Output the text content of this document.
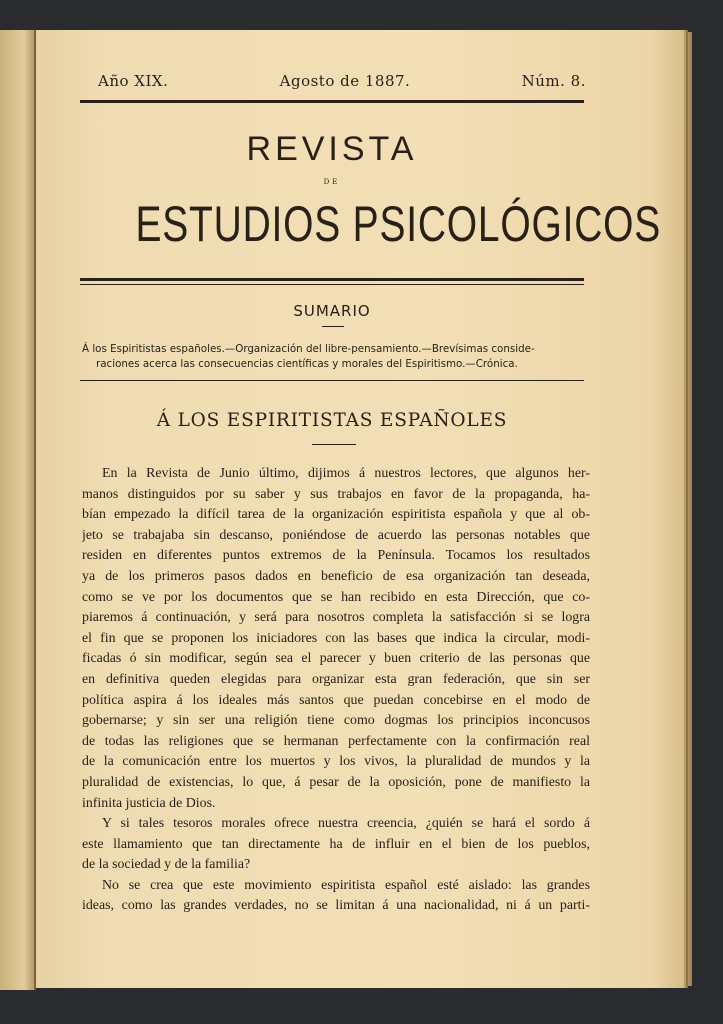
Año XIX.	Agosto de 1887.	Núm. 8.
REVISTA
DE
ESTUDIOS PSICOLÓGICOS
SUMARIO
Á los Espiritistas españoles.—Organización del libre-pensamiento.—Brevísimas conside-
raciones acerca las consecuencias científicas y morales del Espiritismo.—Crónica.
Á LOS ESPIRITISTAS ESPAÑOLES
En la Revista de Junio último, dijimos á nuestros lectores, que algunos her-
manos distinguidos por su saber y sus trabajos en favor de la propaganda, ha-
bían empezado la difícil tarea de la organización espiritista española y que al ob-
jeto se trabajaba sin descanso, poniéndose de acuerdo las personas notables que
residen en diferentes puntos extremos de la Península. Tocamos los resultados
ya de los primeros pasos dados en beneficio de esa organización tan deseada,
como se ve por los documentos que se han recibido en esta Dirección, que co-
piaremos á continuación, y será para nosotros completa la satisfacción si se logra
el fin que se proponen los iniciadores con las bases que indica la circular, modi-
ficadas ó sin modificar, según sea el parecer y buen criterio de las personas que
en definitiva queden elegidas para organizar esta gran federación, que sin ser
política aspira á los ideales más santos que puedan concebirse en el modo de
gobernarse; y sin ser una religión tiene como dogmas los principios inconcusos
de todas las religiones que se hermanan perfectamente con la confirmación real
de la comunicación entre los muertos y los vivos, la pluralidad de mundos y la
pluralidad de existencias, lo que, á pesar de la oposición, pone de manifiesto la
infinita justicia de Dios.
Y si tales tesoros morales ofrece nuestra creencia, ¿quién se hará el sordo á
este llamamiento que tan directamente ha de influir en el bien de los pueblos,
de la sociedad y de la familia?
No se crea que este movimiento espiritista español esté aislado: las grandes
ideas, como las grandes verdades, no se limitan á una nacionalidad, ni á un parti-
